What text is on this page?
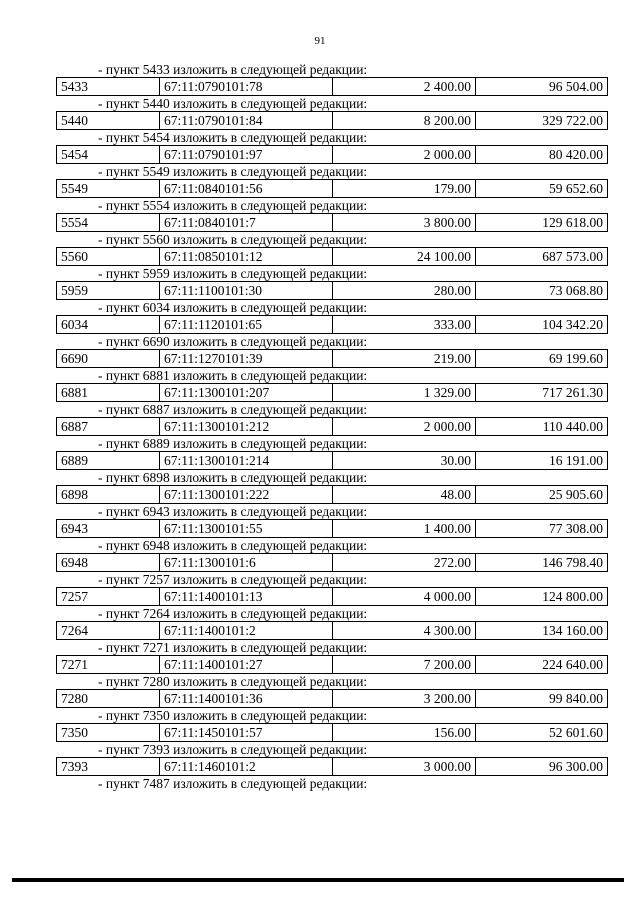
91
- пункт 5433 изложить в следующей редакции:
5433	67:11:0790101:78	2 400.00	96 504.00
- пункт 5440 изложить в следующей редакции:
5440	67:11:0790101:84	8 200.00	329 722.00
- пункт 5454 изложить в следующей редакции:
5454	67:11:0790101:97	2 000.00	80 420.00
- пункт 5549 изложить в следующей редакции:
5549	67:11:0840101:56	179.00	59 652.60
- пункт 5554 изложить в следующей редакции:
5554	67:11:0840101:7	3 800.00	129 618.00
- пункт 5560 изложить в следующей редакции:
5560	67:11:0850101:12	24 100.00	687 573.00
- пункт 5959 изложить в следующей редакции:
5959	67:11:1100101:30	280.00	73 068.80
- пункт 6034 изложить в следующей редакции:
6034	67:11:1120101:65	333.00	104 342.20
- пункт 6690 изложить в следующей редакции:
6690	67:11:1270101:39	219.00	69 199.60
- пункт 6881 изложить в следующей редакции:
6881	67:11:1300101:207	1 329.00	717 261.30
- пункт 6887 изложить в следующей редакции:
6887	67:11:1300101:212	2 000.00	110 440.00
- пункт 6889 изложить в следующей редакции:
6889	67:11:1300101:214	30.00	16 191.00
- пункт 6898 изложить в следующей редакции:
6898	67:11:1300101:222	48.00	25 905.60
- пункт 6943 изложить в следующей редакции:
6943	67:11:1300101:55	1 400.00	77 308.00
- пункт 6948 изложить в следующей редакции:
6948	67:11:1300101:6	272.00	146 798.40
- пункт 7257 изложить в следующей редакции:
7257	67:11:1400101:13	4 000.00	124 800.00
- пункт 7264 изложить в следующей редакции:
7264	67:11:1400101:2	4 300.00	134 160.00
- пункт 7271 изложить в следующей редакции:
7271	67:11:1400101:27	7 200.00	224 640.00
- пункт 7280 изложить в следующей редакции:
7280	67:11:1400101:36	3 200.00	99 840.00
- пункт 7350 изложить в следующей редакции:
7350	67:11:1450101:57	156.00	52 601.60
- пункт 7393 изложить в следующей редакции:
7393	67:11:1460101:2	3 000.00	96 300.00
- пункт 7487 изложить в следующей редакции:
